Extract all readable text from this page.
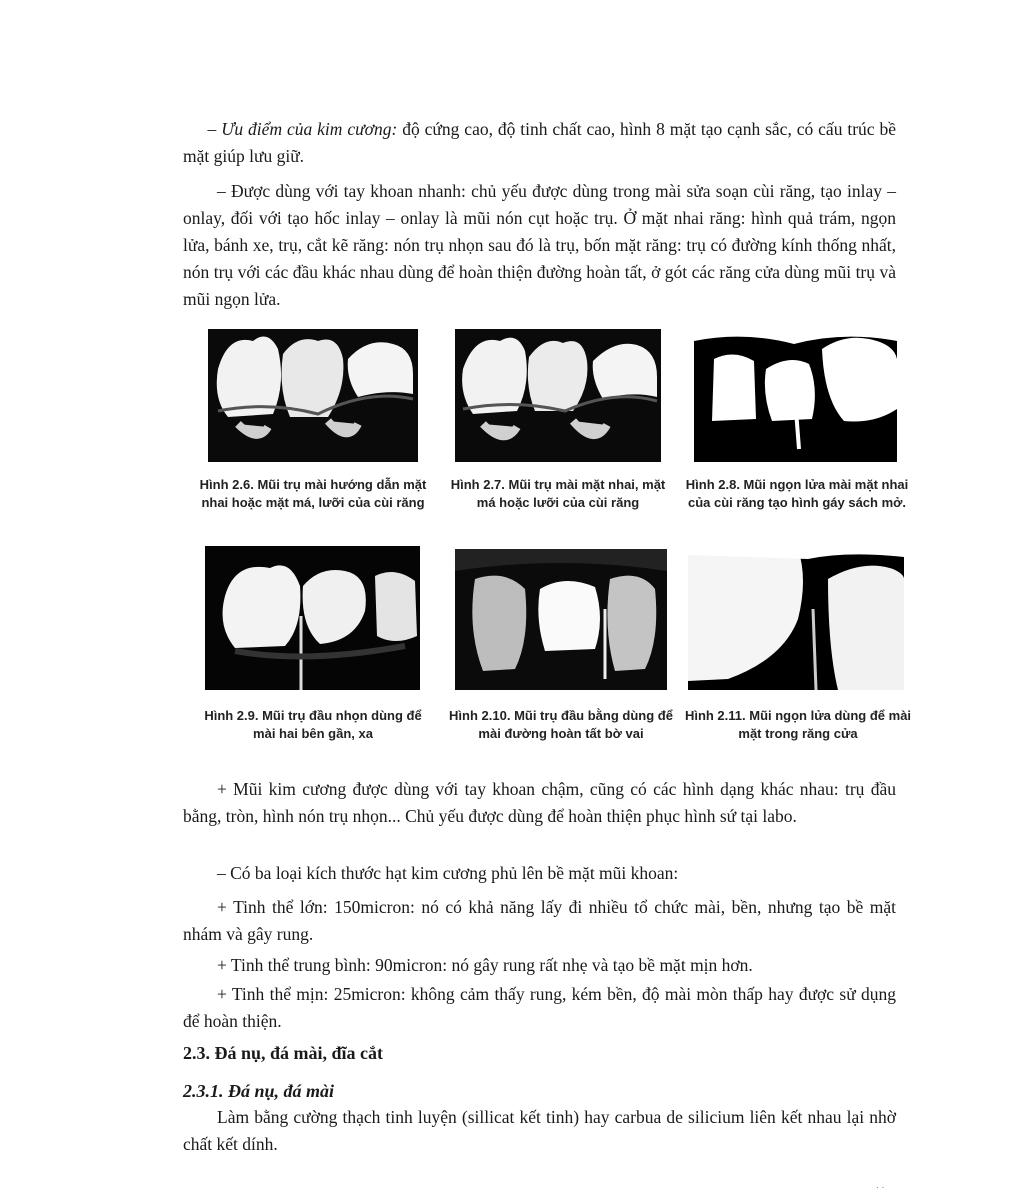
– Ưu điểm của kim cương: độ cứng cao, độ tinh chất cao, hình 8 mặt tạo cạnh sắc, có cấu trúc bề mặt giúp lưu giữ.

– Được dùng với tay khoan nhanh: chủ yếu được dùng trong mài sửa soạn cùi răng, tạo inlay – onlay, đối với tạo hốc inlay – onlay là mũi nón cụt hoặc trụ. Ở mặt nhai răng: hình quả trám, ngọn lửa, bánh xe, trụ, cắt kẽ răng: nón trụ nhọn sau đó là trụ, bốn mặt răng: trụ có đường kính thống nhất, nón trụ với các đầu khác nhau dùng để hoàn thiện đường hoàn tất, ở gót các răng cửa dùng mũi trụ và mũi ngọn lửa.

Hình 2.6. Mũi trụ mài hướng dẫn mặt nhai hoặc mặt má, lưỡi của cùi răng
Hình 2.7. Mũi trụ mài mặt nhai, mặt má hoặc lưỡi của cùi răng
Hình 2.8. Mũi ngọn lửa mài mặt nhai của cùi răng tạo hình gáy sách mở.
Hình 2.9. Mũi trụ đầu nhọn dùng để mài hai bên gần, xa
Hình 2.10. Mũi trụ đầu bằng dùng để mài đường hoàn tất bờ vai
Hình 2.11. Mũi ngọn lửa dùng để mài mặt trong răng cửa

+ Mũi kim cương được dùng với tay khoan chậm, cũng có các hình dạng khác nhau: trụ đầu bằng, tròn, hình nón trụ nhọn... Chủ yếu được dùng để hoàn thiện phục hình sứ tại labo.

– Có ba loại kích thước hạt kim cương phủ lên bề mặt mũi khoan:

+ Tinh thể lớn: 150micron: nó có khả năng lấy đi nhiều tổ chức mài, bền, nhưng tạo bề mặt nhám và gây rung.

+ Tinh thể trung bình: 90micron: nó gây rung rất nhẹ và tạo bề mặt mịn hơn.

+ Tinh thể mịn: 25micron: không cảm thấy rung, kém bền, độ mài mòn thấp hay được sử dụng để hoàn thiện.

2.3. Đá nụ, đá mài, đĩa cắt
2.3.1. Đá nụ, đá mài

Làm bằng cường thạch tinh luyện (sillicat kết tinh) hay carbua de silicium liên kết nhau lại nhờ chất kết dính.

. .
